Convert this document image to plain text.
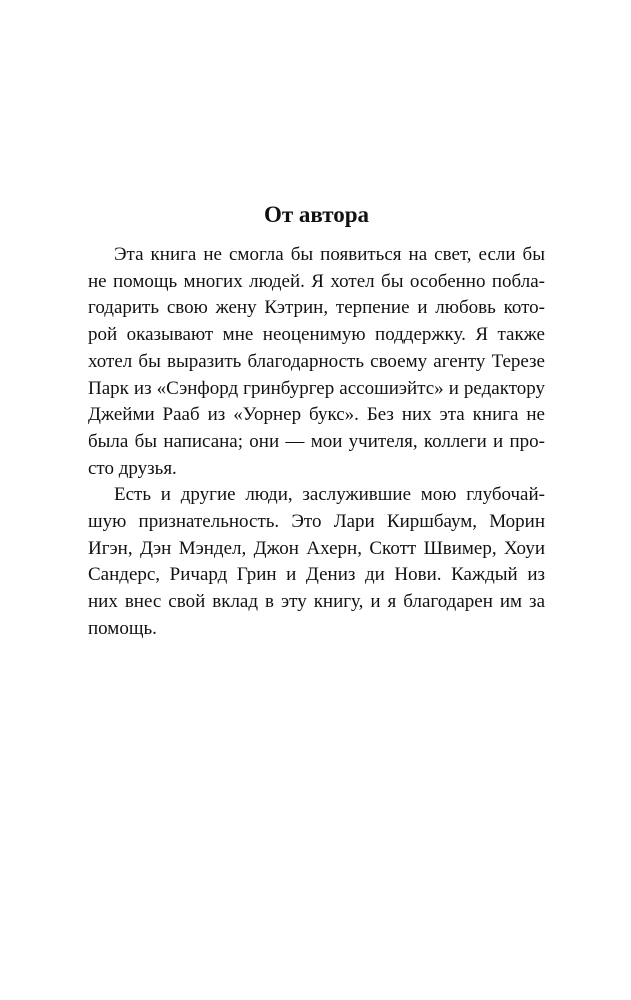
От автора

Эта книга не смогла бы появиться на свет, если бы
не помощь многих людей. Я хотел бы особенно побла-
годарить свою жену Кэтрин, терпение и любовь кото-
рой оказывают мне неоценимую поддержку. Я также
хотел бы выразить благодарность своему агенту Терезе
Парк из «Сэнфорд гринбургер ассошиэйтс» и редактору
Джейми Рааб из «Уорнер букс». Без них эта книга не
была бы написана; они — мои учителя, коллеги и про-
сто друзья.

Есть и другие люди, заслужившие мою глубочай-
шую признательность. Это Лари Киршбаум, Морин
Игэн, Дэн Мэндел, Джон Ахерн, Скотт Швимер, Хоуи
Сандерс, Ричард Грин и Дениз ди Нови. Каждый из
них внес свой вклад в эту книгу, и я благодарен им за
помощь.
